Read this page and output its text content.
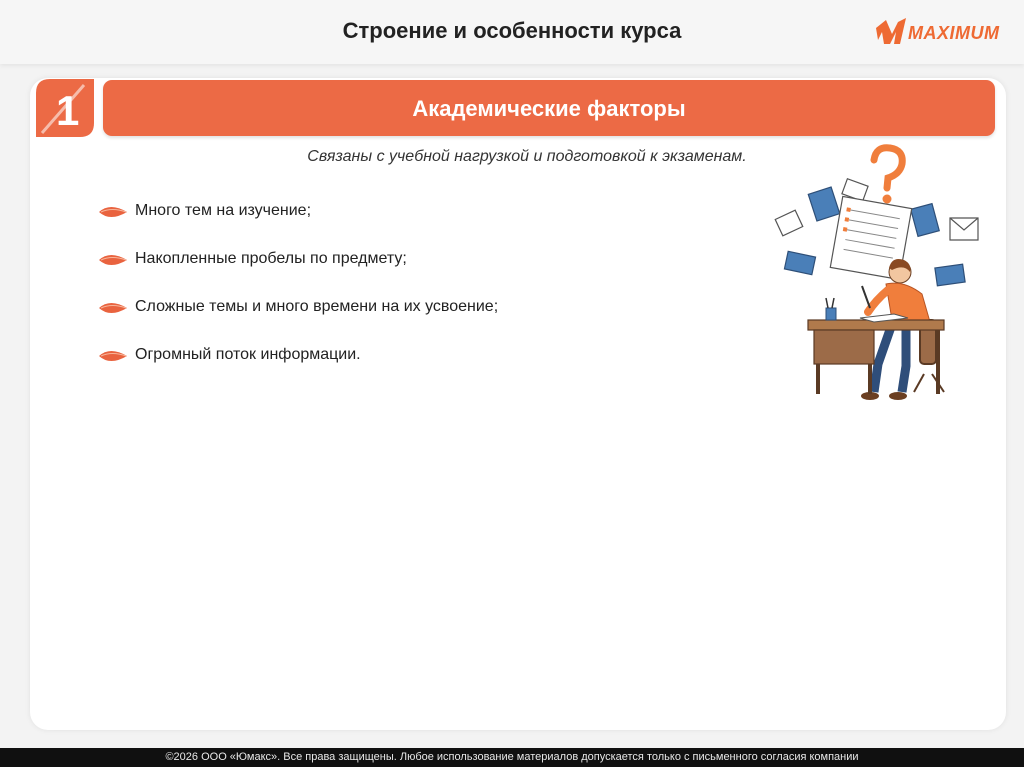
Строение и особенности курса	MAXIMUM
1	Академические факторы
Связаны с учебной нагрузкой и подготовкой к экзаменам.
Много тем на изучение;
Накопленные пробелы по предмету;
Сложные темы и много времени на их усвоение;
Огромный поток информации.
©2026 ООО «Юмакс». Все права защищены. Любое использование материалов допускается только с письменного согласия компании
